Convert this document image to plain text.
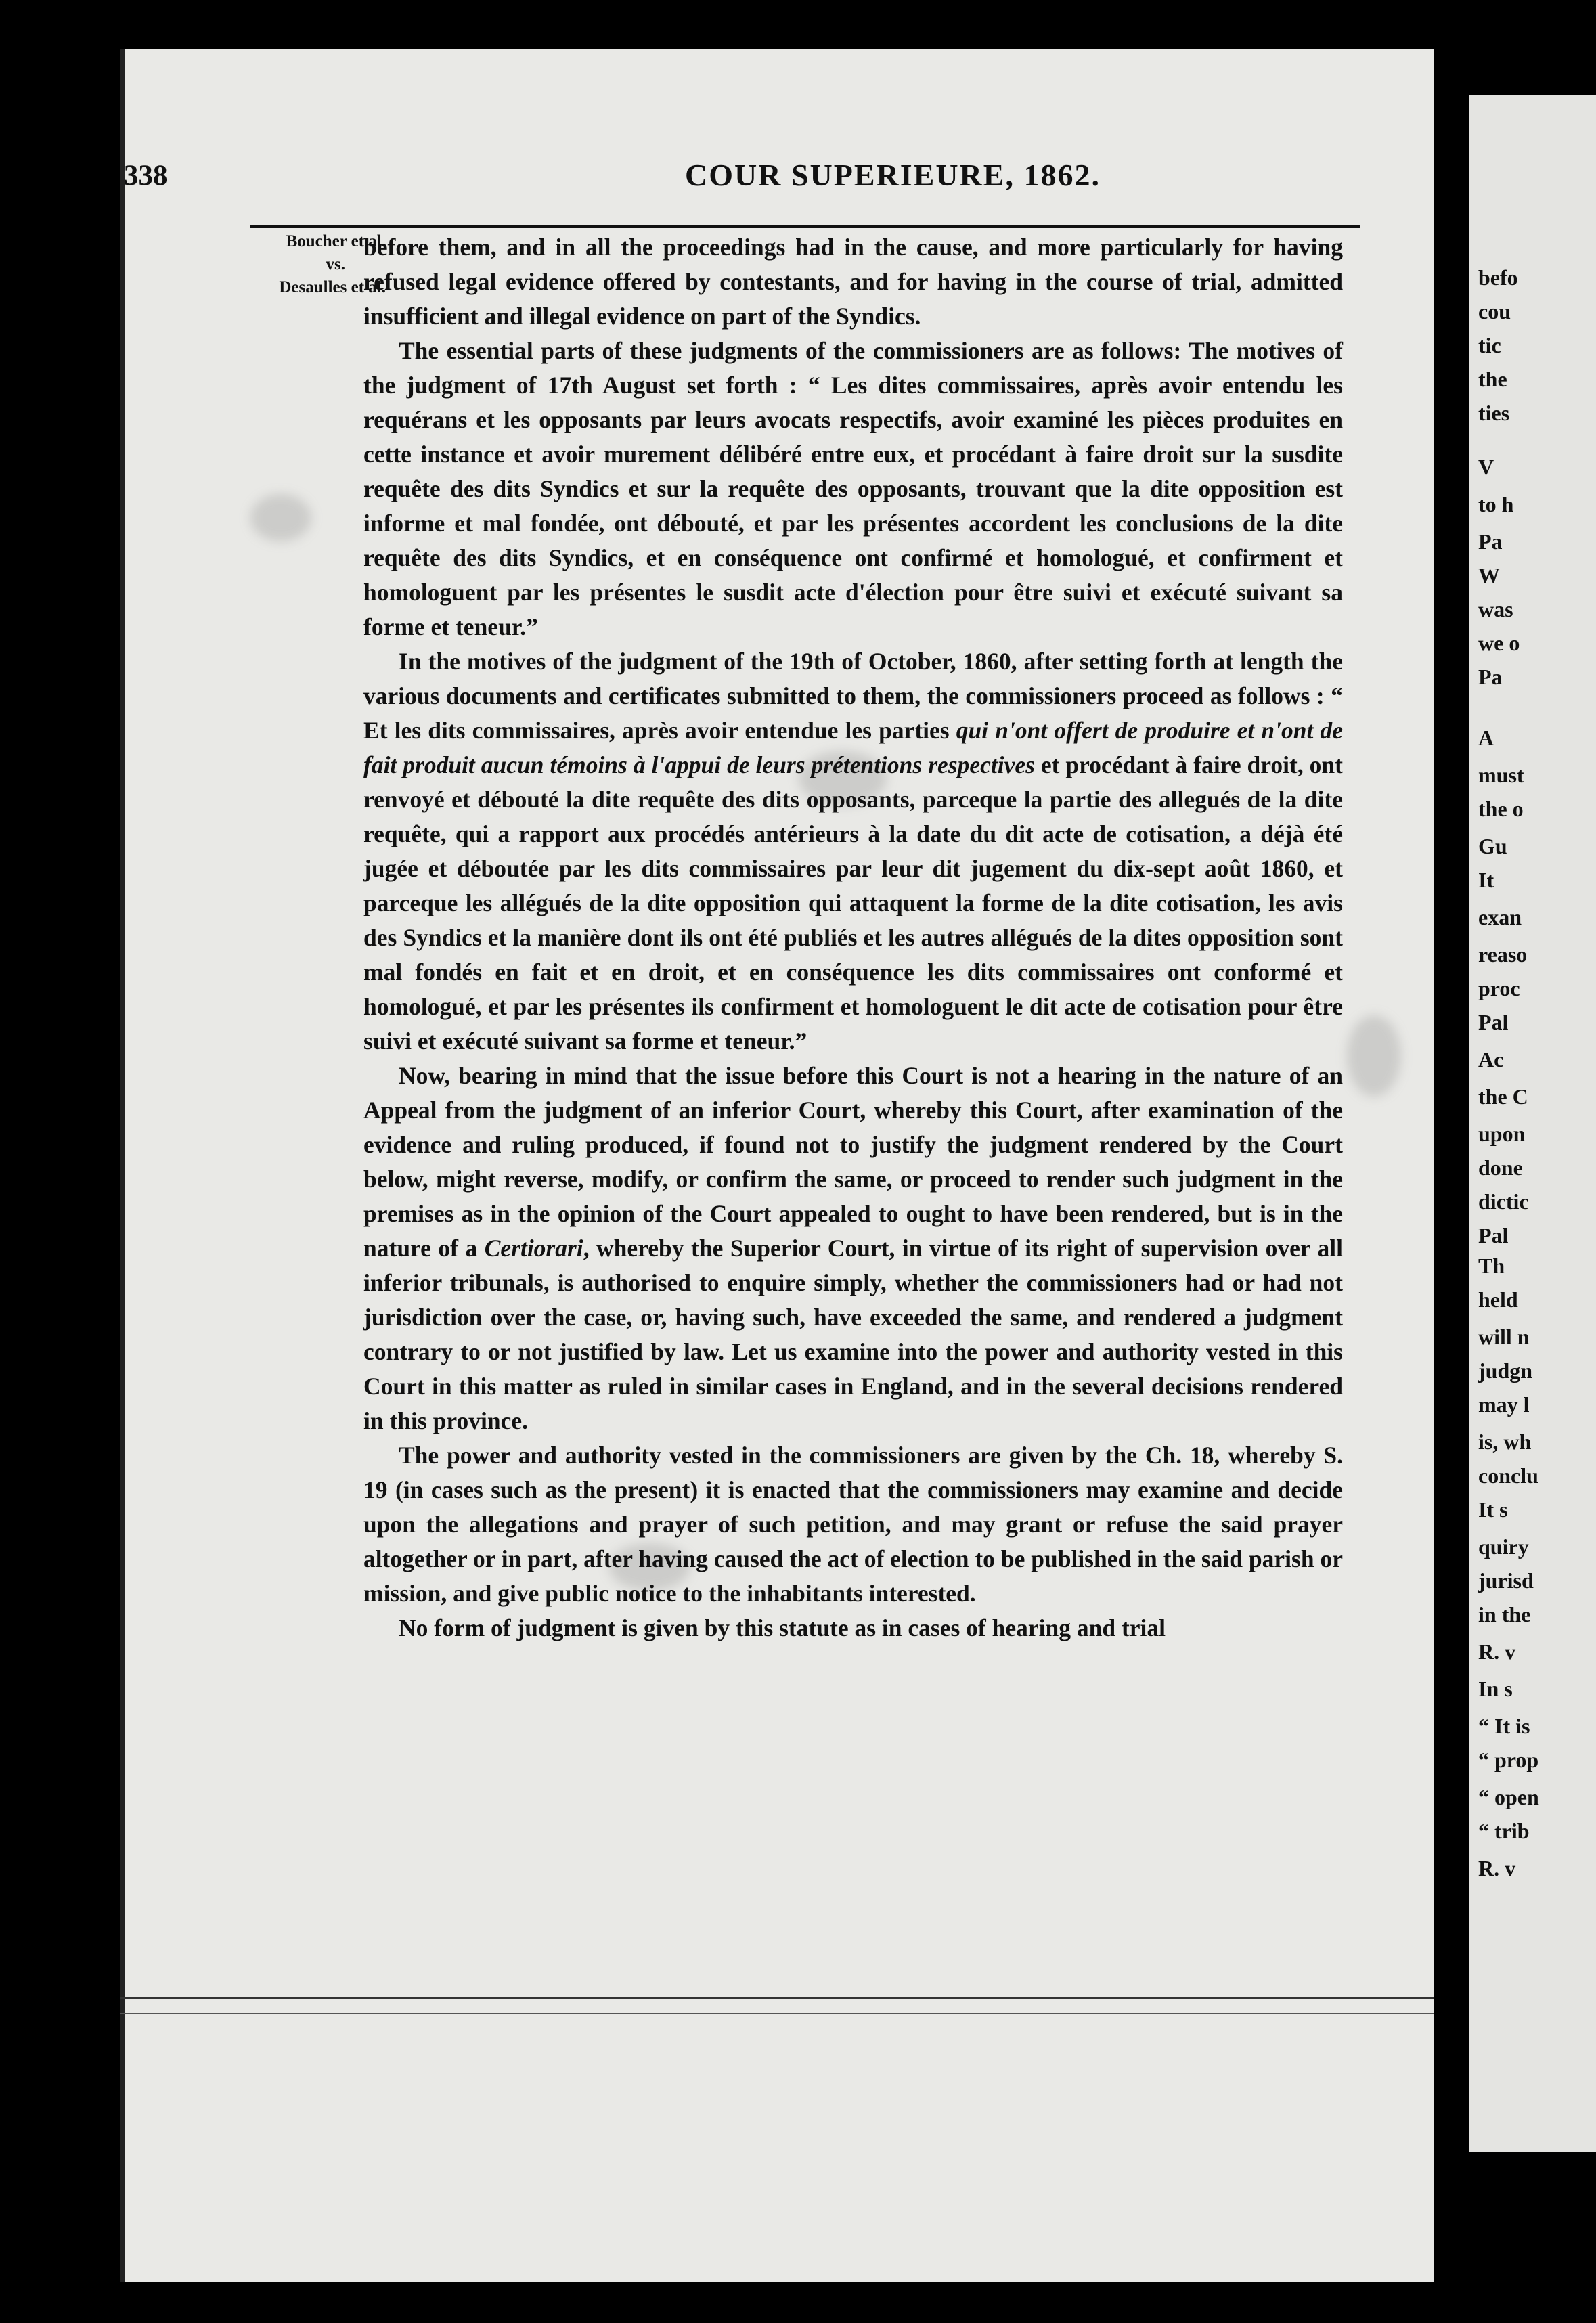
befo
cou
tic
the
ties
V
to h
Pa
W
was
we o
Pa
A
must
the o
Gu
It
exan
reaso
proc
Pal
Ac
the C
upon
done
dictic
Pal
Th
held
will n
judgn
may l
is, wh
conclu
It s
quiry
jurisd
in the
R. v
In s
“ It is
“ prop
“ open
“ trib
R. v
338	COUR SUPERIEURE, 1862.
Boucher et al.
vs.
Desaulles et al.

before them, and in all the proceedings had in the cause, and more particularly for having refused legal evidence offered by contestants, and for having in the course of trial, admitted insufficient and illegal evidence on part of the Syndics.

The essential parts of these judgments of the commissioners are as follows: The motives of the judgment of 17th August set forth : “ Les dites commissaires, après avoir entendu les requérans et les opposants par leurs avocats respectifs, avoir examiné les pièces produites en cette instance et avoir murement délibéré entre eux, et procédant à faire droit sur la susdite requête des dits Syndics et sur la requête des opposants, trouvant que la dite opposition est informe et mal fondée, ont débouté, et par les présentes accordent les conclusions de la dite requête des dits Syndics, et en conséquence ont confirmé et homologué, et confirment et homologuent par les présentes le susdit acte d'élection pour être suivi et exécuté suivant sa forme et teneur.”

In the motives of the judgment of the 19th of October, 1860, after setting forth at length the various documents and certificates submitted to them, the commissioners proceed as follows : “ Et les dits commissaires, après avoir entendue les parties qui n'ont offert de produire et n'ont de fait produit aucun témoins à l'appui de leurs prétentions respectives et procédant à faire droit, ont renvoyé et débouté la dite requête des dits opposants, parceque la partie des allegués de la dite requête, qui a rapport aux procédés antérieurs à la date du dit acte de cotisation, a déjà été jugée et déboutée par les dits commissaires par leur dit jugement du dix-sept août 1860, et parceque les allégués de la dite opposition qui attaquent la forme de la dite cotisation, les avis des Syndics et la manière dont ils ont été publiés et les autres allégués de la dites opposition sont mal fondés en fait et en droit, et en conséquence les dits commissaires ont conformé et homologué, et par les présentes ils confirment et homologuent le dit acte de cotisation pour être suivi et exécuté suivant sa forme et teneur.”

Now, bearing in mind that the issue before this Court is not a hearing in the nature of an Appeal from the judgment of an inferior Court, whereby this Court, after examination of the evidence and ruling produced, if found not to justify the judgment rendered by the Court below, might reverse, modify, or confirm the same, or proceed to render such judgment in the premises as in the opinion of the Court appealed to ought to have been rendered, but is in the nature of a Certiorari, whereby the Superior Court, in virtue of its right of supervision over all inferior tribunals, is authorised to enquire simply, whether the commissioners had or had not jurisdiction over the case, or, having such, have exceeded the same, and rendered a judgment contrary to or not justified by law. Let us examine into the power and authority vested in this Court in this matter as ruled in similar cases in England, and in the several decisions rendered in this province.

The power and authority vested in the commissioners are given by the Ch. 18, whereby S. 19 (in cases such as the present) it is enacted that the commissioners may examine and decide upon the allegations and prayer of such petition, and may grant or refuse the said prayer altogether or in part, after having caused the act of election to be published in the said parish or mission, and give public notice to the inhabitants interested.

No form of judgment is given by this statute as in cases of hearing and trial
